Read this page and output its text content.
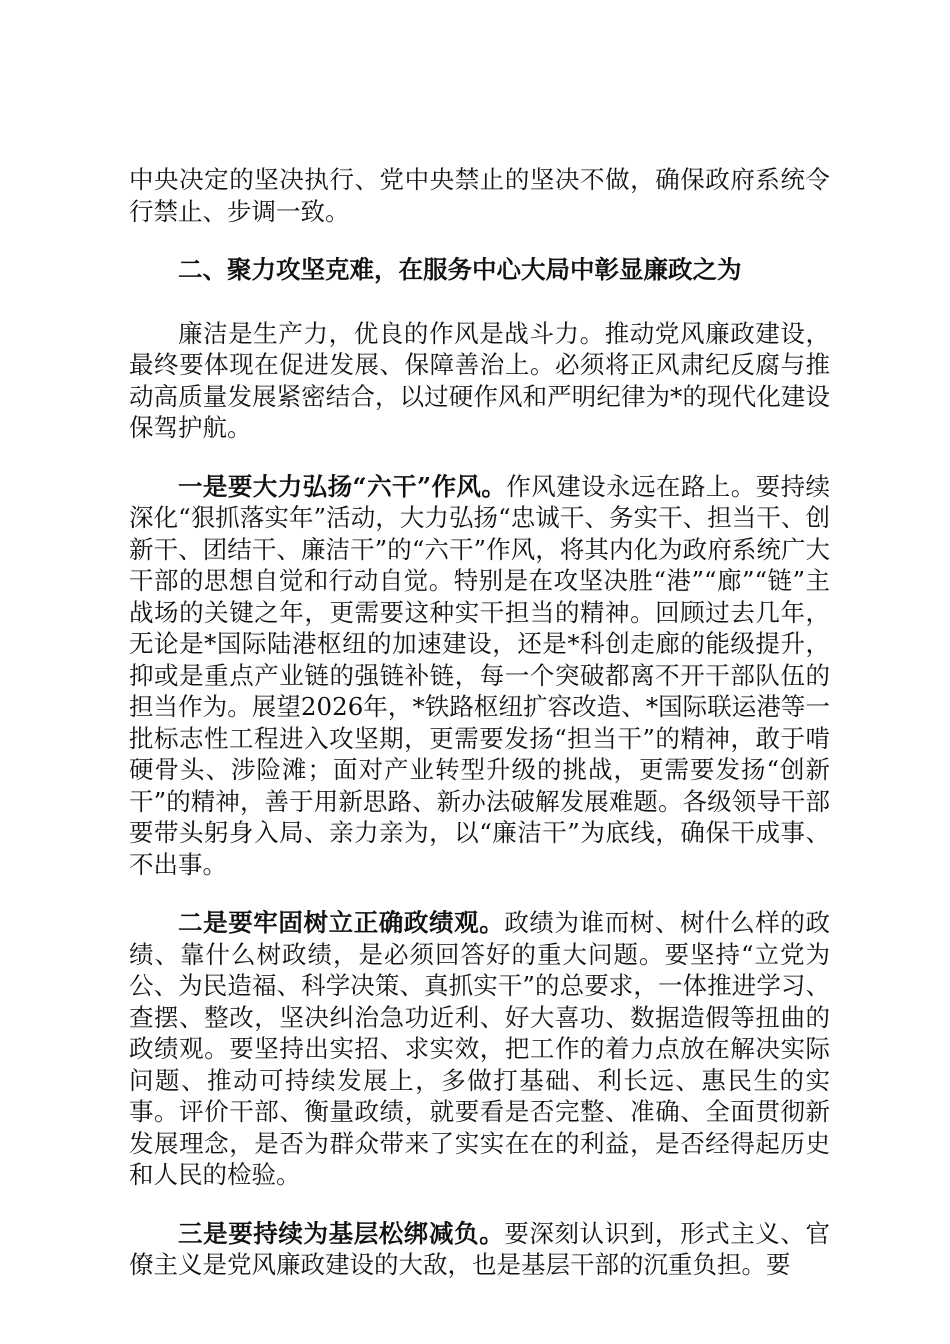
中央决定的坚决执行、党中央禁止的坚决不做，确保政府系统令行禁止、步调一致。

二、聚力攻坚克难，在服务中心大局中彰显廉政之为

廉洁是生产力，优良的作风是战斗力。推动党风廉政建设，最终要体现在促进发展、保障善治上。必须将正风肃纪反腐与推动高质量发展紧密结合，以过硬作风和严明纪律为*的现代化建设保驾护航。

一是要大力弘扬“六干”作风。作风建设永远在路上。要持续深化“狠抓落实年”活动，大力弘扬“忠诚干、务实干、担当干、创新干、团结干、廉洁干”的“六干”作风，将其内化为政府系统广大干部的思想自觉和行动自觉。特别是在攻坚决胜“港”“廊”“链”主战场的关键之年，更需要这种实干担当的精神。回顾过去几年，无论是*国际陆港枢纽的加速建设，还是*科创走廊的能级提升，抑或是重点产业链的强链补链，每一个突破都离不开干部队伍的担当作为。展望2026年，*铁路枢纽扩容改造、*国际联运港等一批标志性工程进入攻坚期，更需要发扬“担当干”的精神，敢于啃硬骨头、涉险滩；面对产业转型升级的挑战，更需要发扬“创新干”的精神，善于用新思路、新办法破解发展难题。各级领导干部要带头躬身入局、亲力亲为，以“廉洁干”为底线，确保干成事、不出事。

二是要牢固树立正确政绩观。政绩为谁而树、树什么样的政绩、靠什么树政绩，是必须回答好的重大问题。要坚持“立党为公、为民造福、科学决策、真抓实干”的总要求，一体推进学习、查摆、整改，坚决纠治急功近利、好大喜功、数据造假等扭曲的政绩观。要坚持出实招、求实效，把工作的着力点放在解决实际问题、推动可持续发展上，多做打基础、利长远、惠民生的实事。评价干部、衡量政绩，就要看是否完整、准确、全面贯彻新发展理念，是否为群众带来了实实在在的利益，是否经得起历史和人民的检验。

三是要持续为基层松绑减负。要深刻认识到，形式主义、官僚主义是党风廉政建设的大敌，也是基层干部的沉重负担。要
